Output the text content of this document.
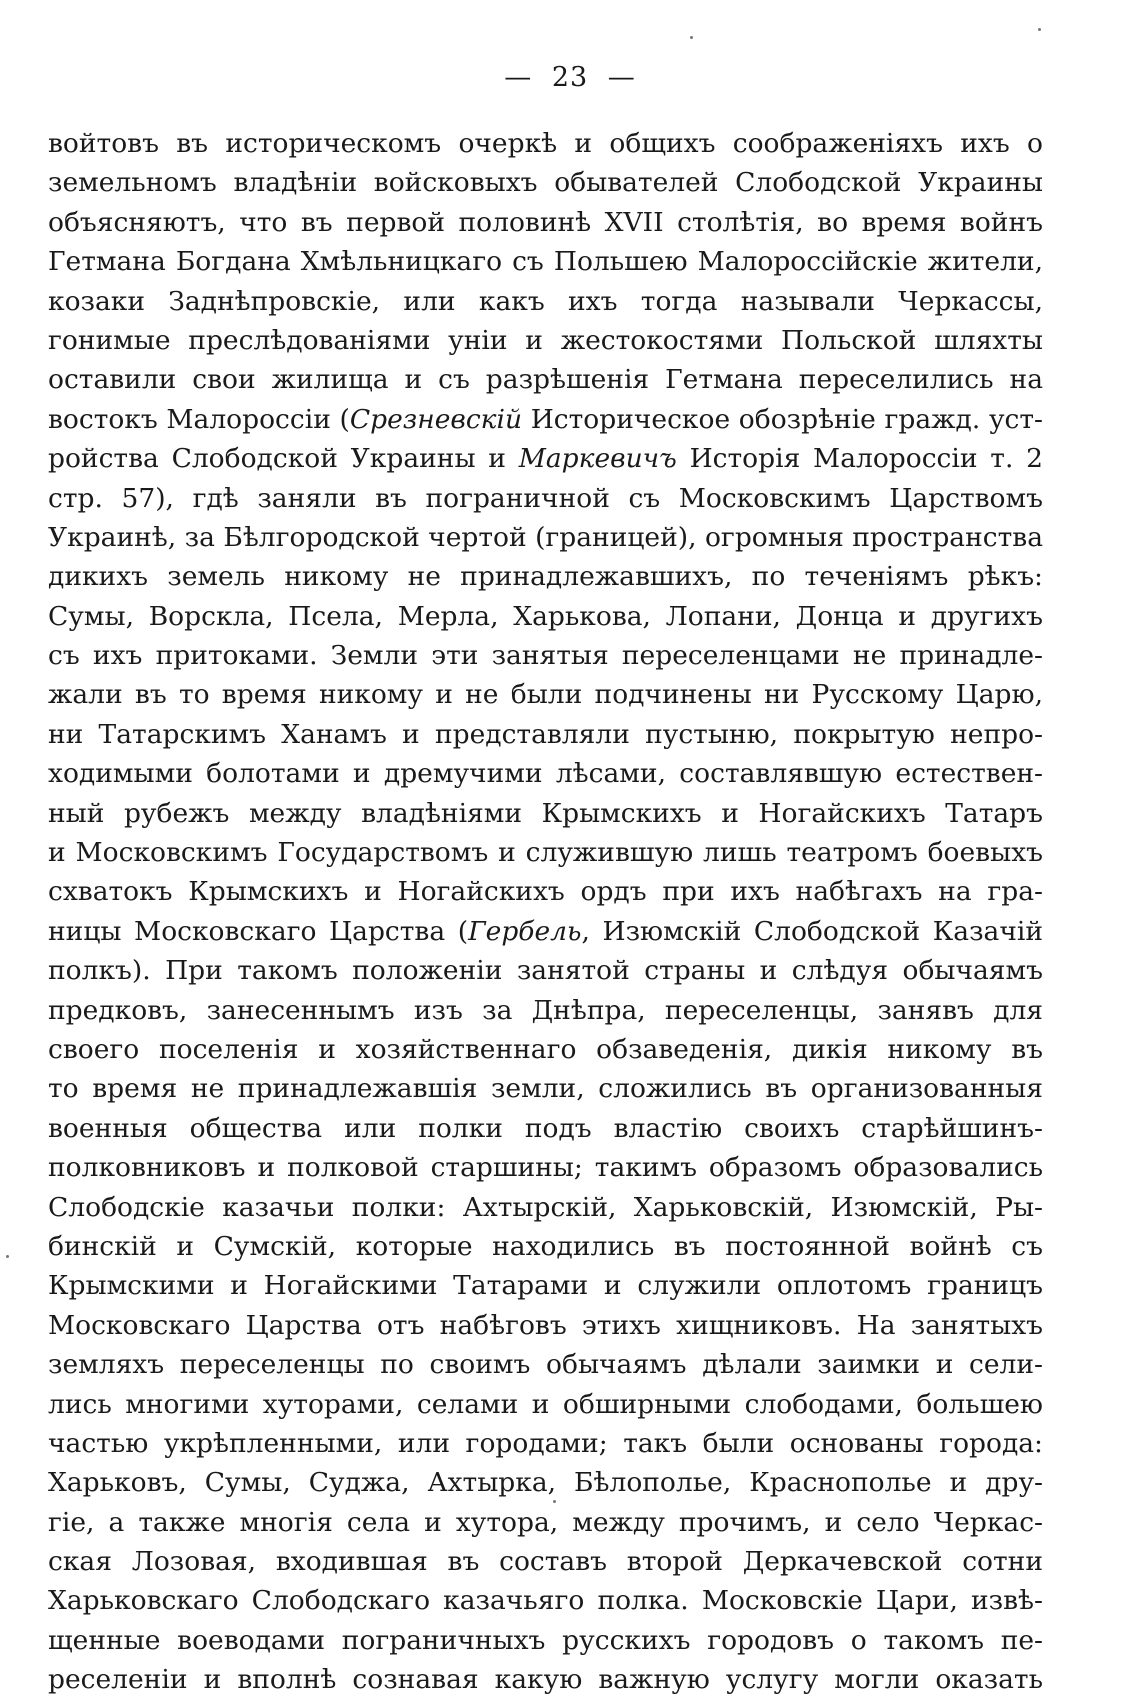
— 23 —
войтовъ въ историческомъ очеркѣ и общихъ соображеніяхъ ихъ о
земельномъ владѣніи войсковыхъ обывателей Слободской Украины
объясняютъ, что въ первой половинѣ XVII столѣтія, во время войнъ
Гетмана Богдана Хмѣльницкаго съ Польшею Малороссійскіе жители,
козаки Заднѣпровскіе, или какъ ихъ тогда называли Черкассы,
гонимые преслѣдованіями уніи и жестокостями Польской шляхты
оставили свои жилища и съ разрѣшенія Гетмана переселились на
востокъ Малороссіи (Срезневскій Историческое обозрѣніе гражд. уст-
ройства Слободской Украины и Маркевичъ Исторія Малороссіи т. 2
стр. 57), гдѣ заняли въ пограничной съ Московскимъ Царствомъ
Украинѣ, за Бѣлгородской чертой (границей), огромныя пространства
дикихъ земель никому не принадлежавшихъ, по теченіямъ рѣкъ:
Сумы, Ворскла, Псела, Мерла, Харькова, Лопани, Донца и другихъ
съ ихъ притоками. Земли эти занятыя переселенцами не принадле-
жали въ то время никому и не были подчинены ни Русскому Царю,
ни Татарскимъ Ханамъ и представляли пустыню, покрытую непро-
ходимыми болотами и дремучими лѣсами, составлявшую естествен-
ный рубежъ между владѣніями Крымскихъ и Ногайскихъ Татаръ
и Московскимъ Государствомъ и служившую лишь театромъ боевыхъ
схватокъ Крымскихъ и Ногайскихъ ордъ при ихъ набѣгахъ на гра-
ницы Московскаго Царства (Гербель, Изюмскій Слободской Казачій
полкъ). При такомъ положеніи занятой страны и слѣдуя обычаямъ
предковъ, занесеннымъ изъ за Днѣпра, переселенцы, занявъ для
своего поселенія и хозяйственнаго обзаведенія, дикія никому въ
то время не принадлежавшія земли, сложились въ организованныя
военныя общества или полки подъ властію своихъ старѣйшинъ-
полковниковъ и полковой старшины; такимъ образомъ образовались
Слободскіе казачьи полки: Ахтырскій, Харьковскій, Изюмскій, Ры-
бинскій и Сумскій, которые находились въ постоянной войнѣ съ
Крымскими и Ногайскими Татарами и служили оплотомъ границъ
Московскаго Царства отъ набѣговъ этихъ хищниковъ. На занятыхъ
земляхъ переселенцы по своимъ обычаямъ дѣлали заимки и сели-
лись многими хуторами, селами и обширными слободами, большею
частью укрѣпленными, или городами; такъ были основаны города:
Харьковъ, Сумы, Суджа, Ахтырка, Бѣлополье, Краснополье и дру-
гіе, а также многія села и хутора, между прочимъ, и село Черкас-
ская Лозовая, входившая въ составъ второй Деркачевской сотни
Харьковскаго Слободскаго казачьяго полка. Московскіе Цари, извѣ-
щенные воеводами пограничныхъ русскихъ городовъ о такомъ пе-
реселеніи и вполнѣ сознавая какую важную услугу могли оказать
